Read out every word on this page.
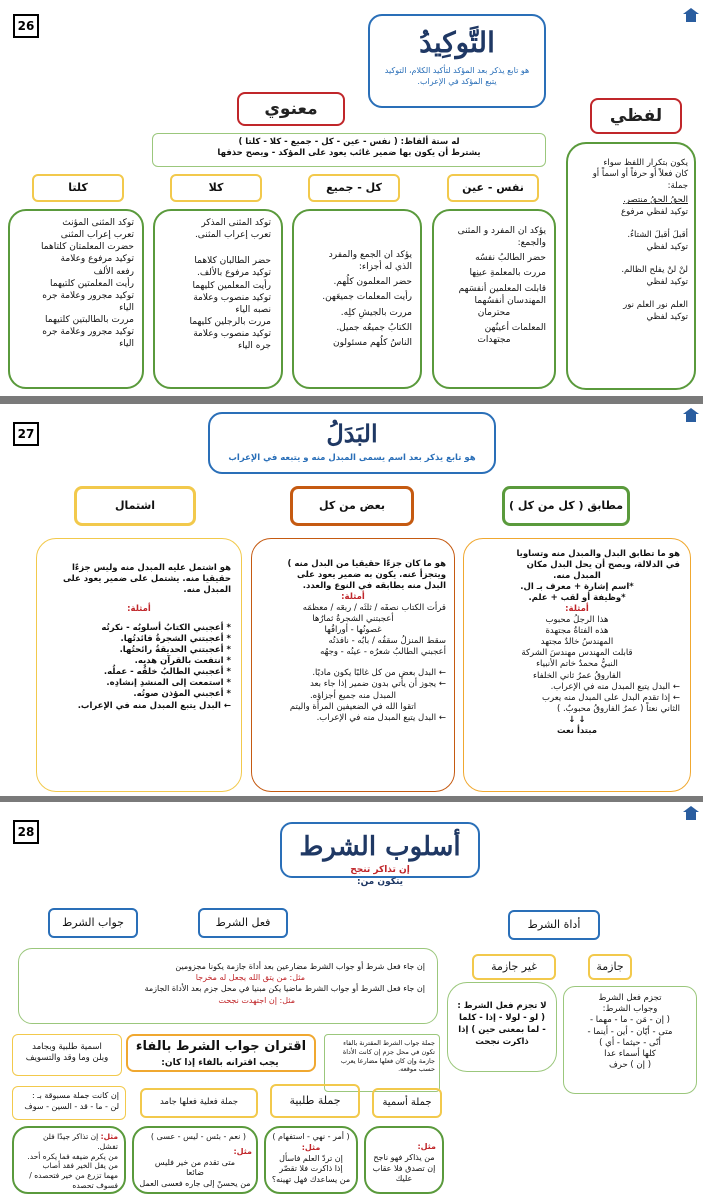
26	التَّوكِيدُ
هو تابع يذكر بعد المؤكد لتأكيد الكلام، التوكيد يتبع المؤكد في الإعراب.
لفظي
معنوي
له ستة ألفاظ: ( نفس - عين - كل - جميع - كلا - كلتا )
يشترط أن يكون بها ضمير غائب يعود على المؤكد - ويصح حذفها
يكون بتكرار اللفظ سواء
كان فعلاً أو حرفاً أو اسماً أو
جملة:
الحقُ الحقُ منتصر.
توكيد لفظي مرفوع
أقبلَ أقبلَ الشتاءُ.
توكيد لفظي
لنْ لنْ يفلح الظالم.
توكيد لفظي
العلم نور العلم نور
توكيد لفظي
نفس - عين
كل - جميع
كلا
كلتا
يؤكد ان المفرد و المثنى
والجمع:
حضر الطالبُ نفسُه
مررت بالمعلمةِ عينِها
قابلت المعلمين أنفسَهم
المهندسان أنفسُهما
محترمان
المعلمات أعينُهن
مجتهدات
يؤكد ان الجمع والمفرد
الذي له أجزاء:
حضر المعلمون كلُهم.
رأيت المعلمات جميعَهن.
مررت بالجيشِ كلِه.
الكتابُ جميعُه جميل.
الناسُ كلُهم مسئولون
توكد المثنى المذكر
تعرب إعراب المثنى.
حضر الطالبان كلاهما
توكيد مرفوع بالألف.
رأيت المعلمين كليهما
توكيد منصوب وعلامة
نصبه الياء
مررت بالرجلين كليهما
توكيد منصوب وعلامة
جره الياء
توكد المثنى المؤنث
تعرب إعراب المثنى
حضرت المعلمتان كلتاهما
توكيد مرفوع وعلامة
رفعه الألف
رأيت المعلمتين كلتيهما
توكيد مجرور وعلامة جره
الياء
مررت بالطالبتين كلتيهما
توكيد مجرور وعلامة جره
الياء
27	البَدَلُ
هو تابع يذكر بعد اسم يسمى المبدل منه و يتبعه في الإعراب
مطابق ( كل من كل )
بعض من كل
اشتمال
هو ما تطابق البدل والمبدل منه وتساويا
في الدلالة، ويصح أن يحل البدل مكان
المبدل منه.
*اسم إشارة + معرف بـ ال.
*وظيفة أو لقب + علم.
أمثلة:
هذا الرجلُ محبوب
هذه الفتاةُ مجتهدة
المهندسُ خالدٌ مجتهد
قابلت المهندس مهندسَ الشركة
النبيُّ محمدٌ خاتم الأنبياء
الفاروقُ عمرُ ثاني الخلفاء
← البدل يتبع المبدل منه في الإعراب.
← إذا تقدم البدل على المبدل منه يعرب
الثاني نعتاً ( عمرُ الفاروقُ محبوبٌ. )
↓ ↓
مبتدأ نعت
هو ما كان جزءًا حقيقيا من البدل منه )
ويتجزأ عنه. يكون به ضمير يعود على
البدل منه يطابقه في النوع والعدد.
أمثلة:
قرأت الكتاب نصفَه / ثلثَه / ربعَه / معظمَه
أعجبتني الشجرةُ ثمارُها
غصونُها - أوراقُها
سقط المنزلُ سقفُه / بابُه - نافذتُه
أعجبني الطالبُ شعرُه - عينُه - وجهُه
← البدل بعض من كل غالبًا يكون ماديًا.
← يجوز أن يأتي بدون ضمير إذا جاء بعد
المبدل منه جميع أجزاؤه.
اتقوا الله في الضعيفين المرأة واليتم
← البدل يتبع المبدل منه في الإعراب.
هو اشتمل عليه المبدل منه وليس جزءًا
حقيقيا منه. يشتمل على ضمير يعود على
المبدل منه.
أمثلة:
* أعجبني الكتابُ أسلوبُه - نكرتُه
* أعجبتني الشجرةُ فائدتُها.
* أعجبتني الحديقةُ رائحتُها.
* انتفعت بالقرآن هديِه.
* أعجبني الطالبُ خلقُه - عملُه.
* استمعت إلى المنشدِ إنشادِه.
* أعجبني المؤذن صوتُه.
← البدل يتبع المبدل منه في الإعراب.
28	أسلوب الشرط
إن تذاكر تنجح
يتكون من:
أداة الشرط
فعل الشرط
جواب الشرط
جازمة
غير جازمة
تجزم فعل الشرط
وجواب الشرط:
( إن - مَن - ما - مهما -
متى - أيّان - أين - أينما -
أنّى - حيثما - أي )
كلها أسماء عدا
( إن ) حرف
لا تجزم فعل الشرط :
( لو - لولا - إذا - كلما
- لما بمعنى حين ) إذا
ذاكرت نجحت
إن جاء فعل شرط أو جواب الشرط مضارعين بعد أداة جازمة يكونا مجزومين
مثل: من يتق الله يجعل له مخرجا
إن جاء فعل الشرط أو جواب الشرط ماضيا يكن مبنيا في محل جزم بعد الأداة الجازمة
مثل: إن اجتهدت نجحت
اقتران جواب الشرط بالفاء
يجب اقترانه بالفاء إذا كان:
جملة جواب الشرط المقترنة بالفاء
تكون في محل جزم إن كانت الأداة
جازمة وإن كان فعلها مضارعا يعرب
حسب موقعه.
اسمية طلبية وبجامد
وبلن وما وقد والتسويف
جملة أسمية
جملة طلبية
جملة فعلية فعلها جامد
إن كانت جملة مسبوقة بـ :
لن - ما - قد - السين - سوف
مثل:
من يذاكر فهو ناجح
إن تصدق فلا عقاب عليك
( أمر - نهي - استفهام )
مثل:
إن تردّ العلم فاسأل
إذا ذاكرت فلا تقصّر
من يساعدك فهل تهينه؟
( نعم - بئس - ليس - عسى )
مثل:
متى تقدم من خير فليس
ضائعا
من يحسنْ إلى جاره فعسى العمل
مثل: إن تذاكر جيدًا فلن تفشل.
من يكرم ضيفه فما يكره أحد.
من يقل الخير فقد أصاب
مهما تزرع من خير فتحصده /
فسوف تحصده
